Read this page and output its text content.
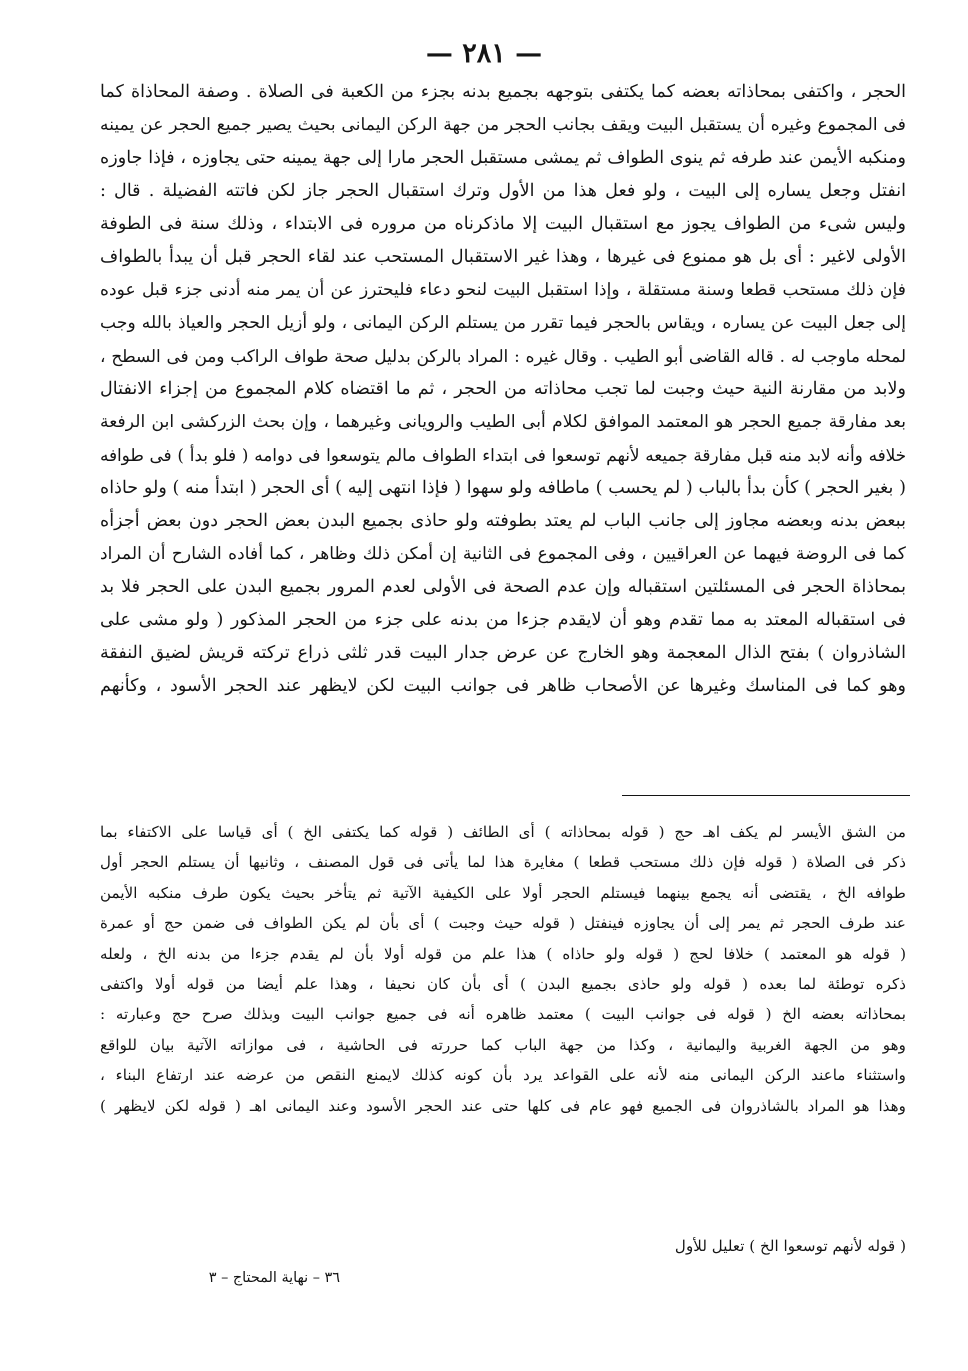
— ٢٨١ —
الحجر ، واكتفى بمحاذاته بعضه كما يكتفى بتوجهه بجميع بدنه بجزء من الكعبة فى الصلاة . وصفة المحاذاة كما
فى المجموع وغيره أن يستقبل البيت ويقف بجانب الحجر من جهة الركن اليمانى بحيث يصير جميع الحجر عن يمينه
ومنكبه الأيمن عند طرفه ثم ينوى الطواف ثم يمشى مستقبل الحجر مارا إلى جهة يمينه حتى يجاوزه ، فإذا جاوزه
انفتل وجعل يساره إلى البيت ، ولو فعل هذا من الأول وترك استقبال الحجر جاز لكن فاتته الفضيلة . قال :
وليس شىء من الطواف يجوز مع استقبال البيت إلا ماذكرناه من مروره فى الابتداء ، وذلك سنة فى الطوفة
الأولى لاغير : أى بل هو ممنوع فى غيرها ، وهذا غير الاستقبال المستحب عند لقاء الحجر قبل أن يبدأ بالطواف
فإن ذلك مستحب قطعا وسنة مستقلة ، وإذا استقبل البيت لنحو دعاء فليحترز عن أن يمر منه أدنى جزء قبل عوده
إلى جعل البيت عن يساره ، ويقاس بالحجر فيما تقرر من يستلم الركن اليمانى ، ولو أزيل الحجر والعياذ بالله وجب
لمحله ماوجب له . قاله القاضى أبو الطيب . وقال غيره : المراد بالركن بدليل صحة طواف الراكب ومن فى السطح ،
ولابد من مقارنة النية حيث وجبت لما تجب محاذاته من الحجر ، ثم ما اقتضاه كلام المجموع من إجزاء الانفتال
بعد مفارقة جميع الحجر هو المعتمد الموافق لكلام أبى الطيب والرويانى وغيرهما ، وإن بحث الزركشى ابن الرفعة
خلافه وأنه لابد منه قبل مفارقة جميعه لأنهم توسعوا فى ابتداء الطواف مالم يتوسعوا فى دوامه ( فلو بدأ ) فى طوافه
( بغير الحجر ) كأن بدأ بالباب ( لم يحسب ) ماطافه ولو سهوا ( فإذا انتهى إليه ) أى الحجر ( ابتدأ منه ) ولو حاذاه
ببعض بدنه وبعضه مجاوز إلى جانب الباب لم يعتد بطوفته ولو حاذى بجميع البدن بعض الحجر دون بعض أجزأه
كما فى الروضة فيهما عن العراقيين ، وفى المجموع فى الثانية إن أمكن ذلك وظاهر ، كما أفاده الشارح أن المراد
بمحاذاة الحجر فى المسئلتين استقباله وإن عدم الصحة فى الأولى لعدم المرور بجميع البدن على الحجر فلا بد
فى استقباله المعتد به مما تقدم وهو أن لايقدم جزءا من بدنه على جزء من الحجر المذكور ( ولو مشى على
الشاذروان ) بفتح الذال المعجمة وهو الخارج عن عرض جدار البيت قدر ثلثى ذراع تركته قريش لضيق النفقة
وهو كما فى المناسك وغيرها عن الأصحاب ظاهر فى جوانب البيت لكن لايظهر عند الحجر الأسود ، وكأنهم
من الشق الأيسر لم يكف اهـ حج ( قوله بمحاذاته ) أى الطائف ( قوله كما يكتفى الخ ) أى قياسا على الاكتفاء بما
ذكر فى الصلاة ( قوله فإن ذلك مستحب قطعا ) مغايرة هذا لما يأتى فى قول المصنف ، وثانيها أن يستلم الحجر أول
طوافه الخ ، يقتضى أنه يجمع بينهما فيستلم الحجر أولا على الكيفية الآتية ثم يتأخر بحيث يكون طرف منكبه الأيمن
عند طرف الحجر ثم يمر إلى أن يجاوزه فينفتل ( قوله حيث وجبت ) أى بأن لم يكن الطواف فى ضمن حج أو عمرة
( قوله هو المعتمد ) خلافا لحج ( قوله ولو حاذاه ) هذا علم من قوله أولا بأن لم يقدم جزءا من بدنه الخ ، ولعله
ذكره توطئة لما بعده ( قوله ولو حاذى بجميع البدن ) أى بأن كان نحيفا ، وهذا علم أيضا من قوله أولا واكتفى
بمحاذاته بعضه الخ ( قوله فى جوانب البيت ) معتمد ظاهره أنه فى جميع جوانب البيت وبذلك صرح حج وعبارته :
وهو من الجهة الغربية واليمانية ، وكذا من جهة الباب كما حررته فى الحاشية ، فى موازاته الآتية بيان للواقع
واستثناء ماعند الركن اليمانى منه لأنه على القواعد يرد بأن كونه كذلك لايمنع النقص من عرضه عند ارتفاع البناء ،
وهذا هو المراد بالشاذروان فى الجميع فهو عام فى كلها حتى عند الحجر الأسود وعند اليمانى اهـ ( قوله لكن لايظهر )
( قوله لأنهم توسعوا الخ ) تعليل للأول
٣٦ – نهاية المحتاج – ٣
